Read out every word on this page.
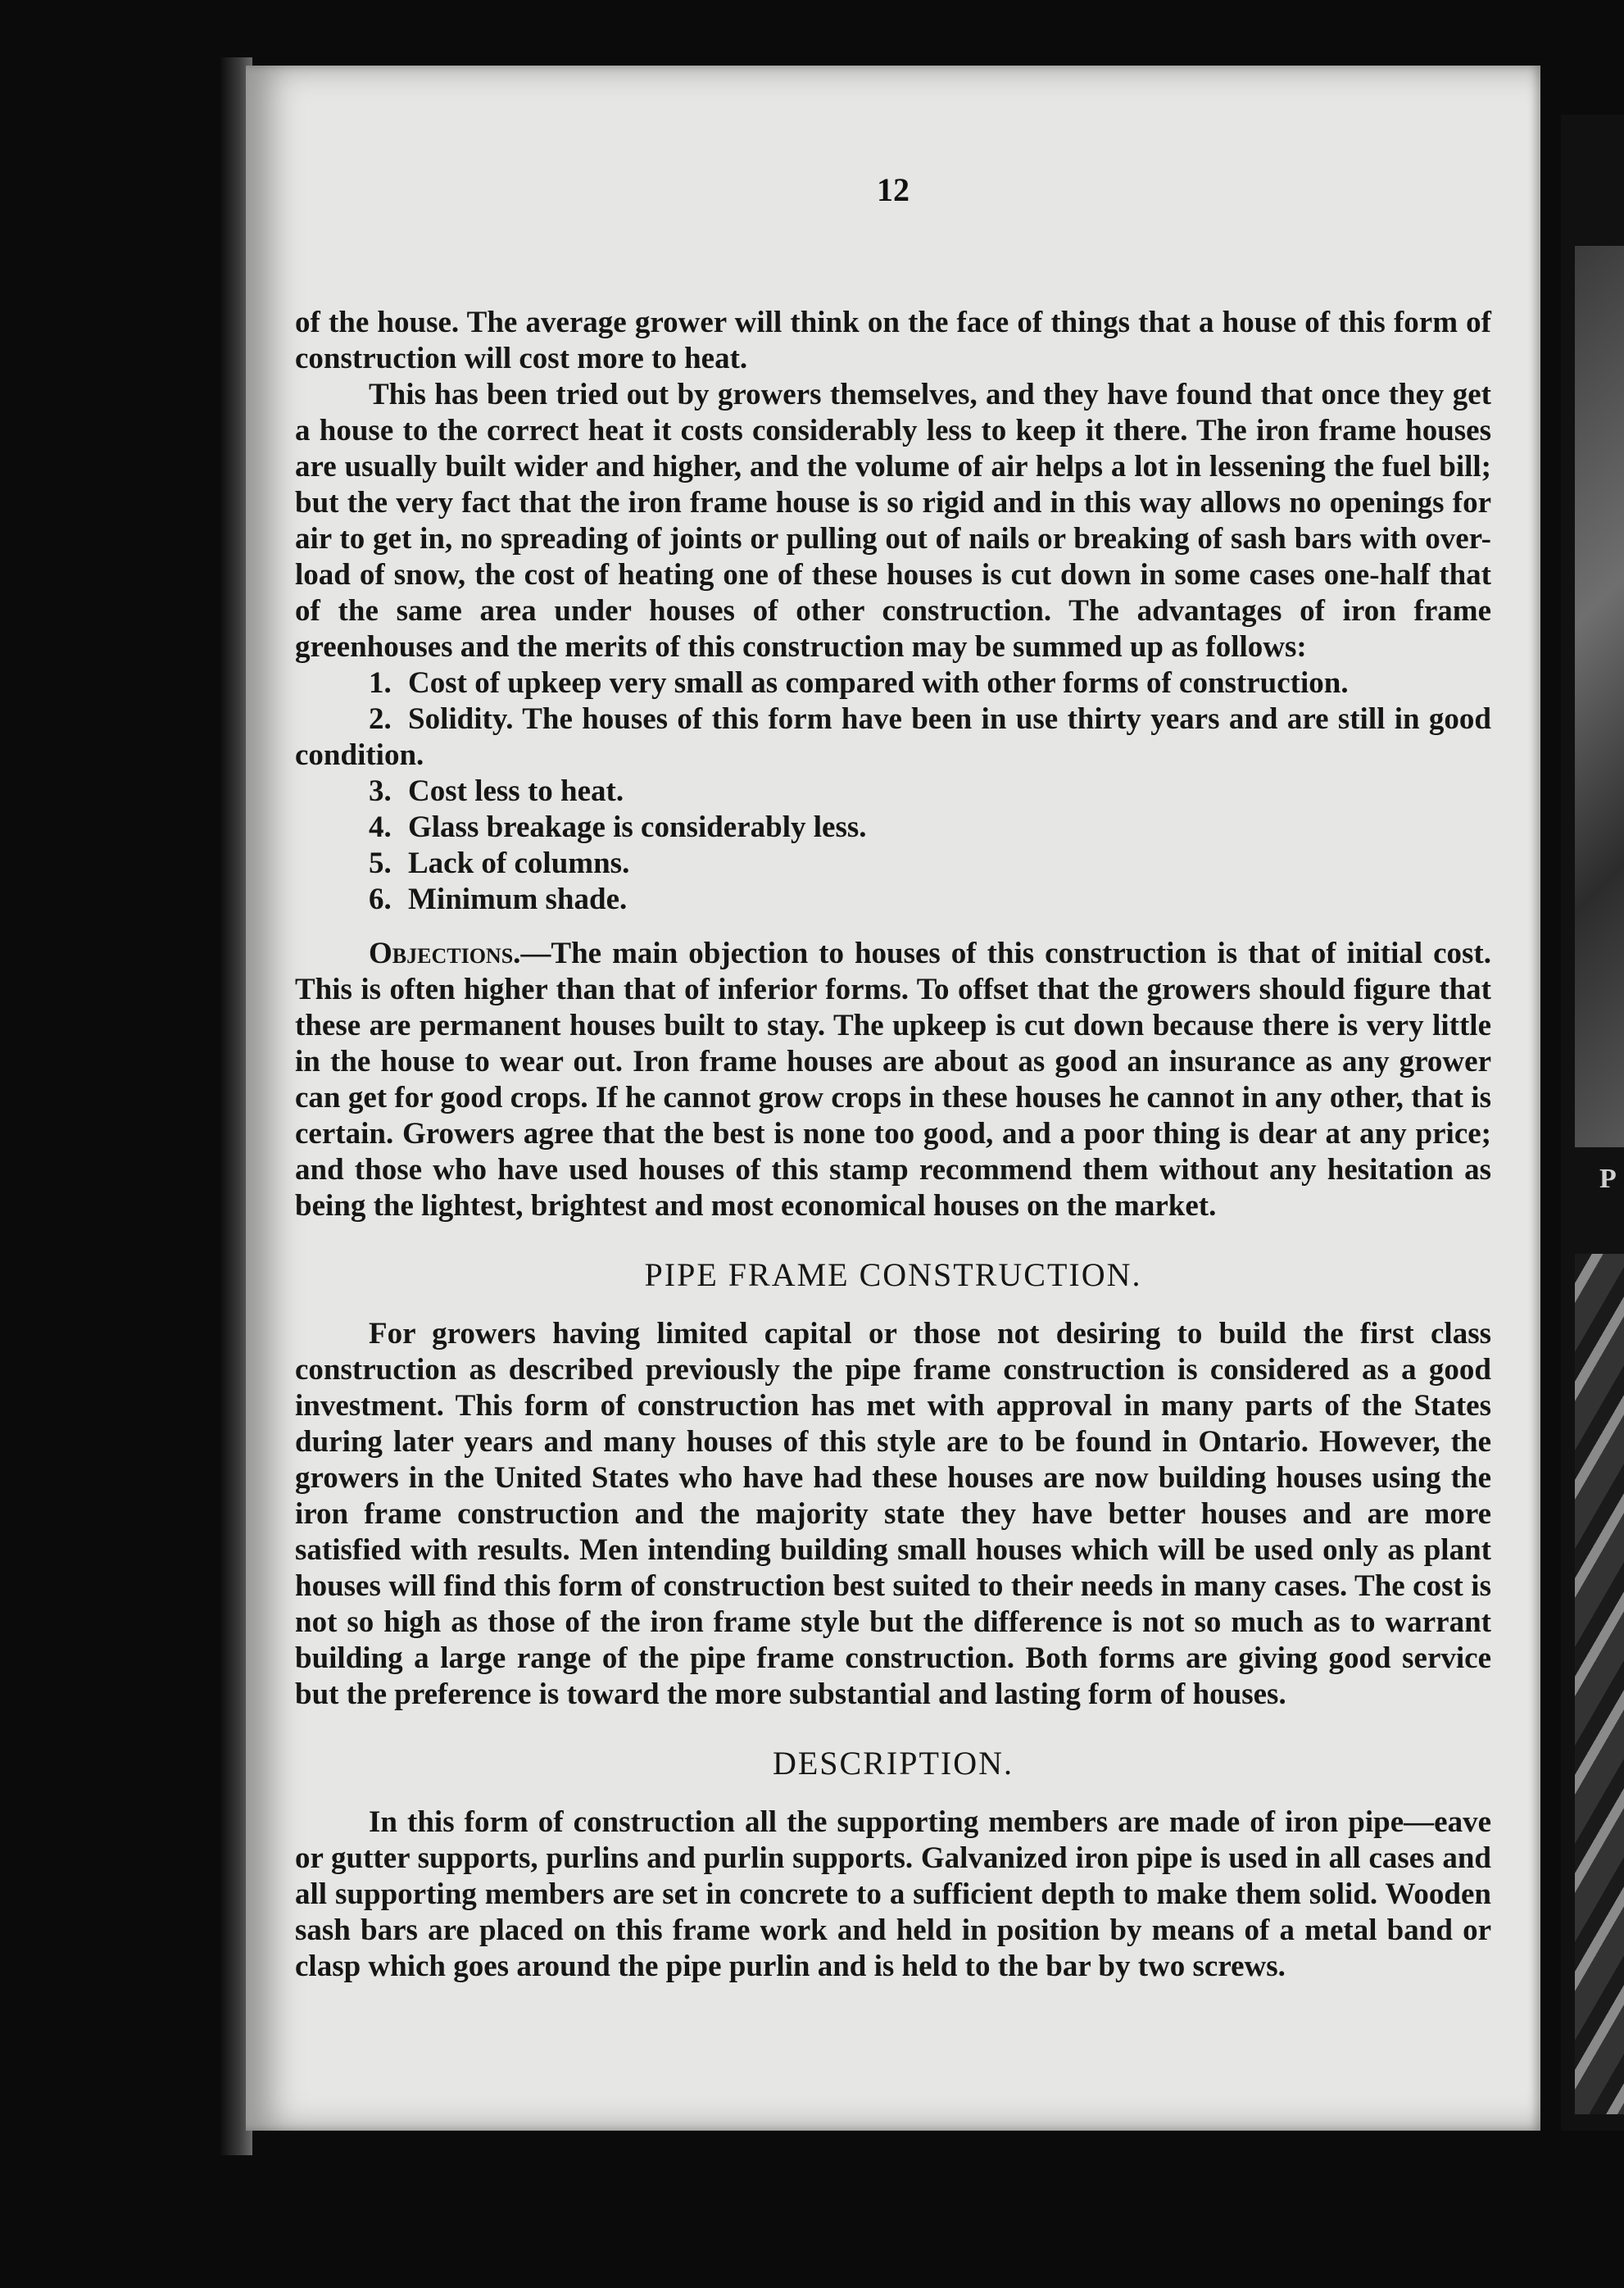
12

of the house. The average grower will think on the face of things that a house of this form of construction will cost more to heat.

This has been tried out by growers themselves, and they have found that once they get a house to the correct heat it costs considerably less to keep it there. The iron frame houses are usually built wider and higher, and the volume of air helps a lot in lessening the fuel bill; but the very fact that the iron frame house is so rigid and in this way allows no openings for air to get in, no spreading of joints or pulling out of nails or breaking of sash bars with over-load of snow, the cost of heating one of these houses is cut down in some cases one-half that of the same area under houses of other construction. The advantages of iron frame greenhouses and the merits of this construction may be summed up as follows:

1. Cost of upkeep very small as compared with other forms of construction.
2. Solidity. The houses of this form have been in use thirty years and are still in good condition.
3. Cost less to heat.
4. Glass breakage is considerably less.
5. Lack of columns.
6. Minimum shade.

Objections.—The main objection to houses of this construction is that of initial cost. This is often higher than that of inferior forms. To offset that the growers should figure that these are permanent houses built to stay. The upkeep is cut down because there is very little in the house to wear out. Iron frame houses are about as good an insurance as any grower can get for good crops. If he cannot grow crops in these houses he cannot in any other, that is certain. Growers agree that the best is none too good, and a poor thing is dear at any price; and those who have used houses of this stamp recommend them without any hesitation as being the lightest, brightest and most economical houses on the market.

PIPE FRAME CONSTRUCTION.

For growers having limited capital or those not desiring to build the first class construction as described previously the pipe frame construction is considered as a good investment. This form of construction has met with approval in many parts of the States during later years and many houses of this style are to be found in Ontario. However, the growers in the United States who have had these houses are now building houses using the iron frame construction and the majority state they have better houses and are more satisfied with results. Men intending building small houses which will be used only as plant houses will find this form of construction best suited to their needs in many cases. The cost is not so high as those of the iron frame style but the difference is not so much as to warrant building a large range of the pipe frame construction. Both forms are giving good service but the preference is toward the more substantial and lasting form of houses.

DESCRIPTION.

In this form of construction all the supporting members are made of iron pipe—eave or gutter supports, purlins and purlin supports. Galvanized iron pipe is used in all cases and all supporting members are set in concrete to a sufficient depth to make them solid. Wooden sash bars are placed on this frame work and held in position by means of a metal band or clasp which goes around the pipe purlin and is held to the bar by two screws.

P
